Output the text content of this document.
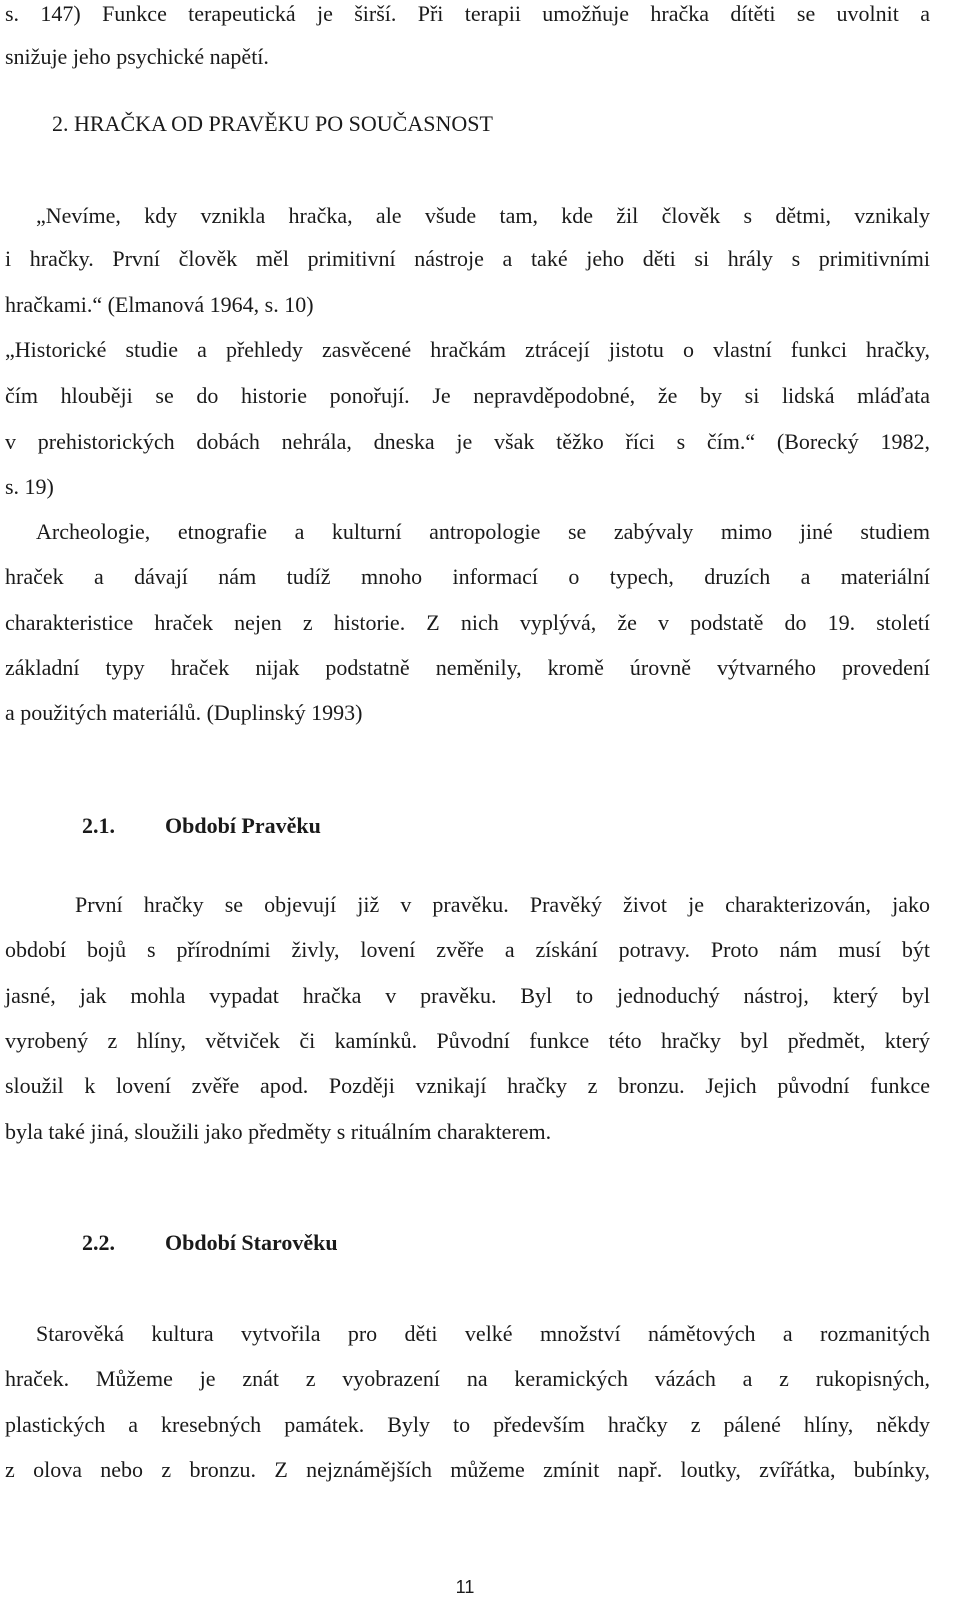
s. 147) Funkce terapeutická je širší. Při terapii umožňuje hračka dítěti se uvolnit a
snižuje jeho psychické napětí.
2. HRAČKA OD PRAVĚKU PO SOUČASNOST
„Nevíme, kdy vznikla hračka, ale všude tam, kde žil člověk s dětmi, vznikaly
i hračky. První člověk měl primitivní nástroje a také jeho děti si hrály s primitivními
hračkami.“ (Elmanová 1964, s. 10)
„Historické studie a přehledy zasvěcené hračkám ztrácejí jistotu o vlastní funkci hračky,
čím hlouběji se do historie ponořují. Je nepravděpodobné, že by si lidská mláďata
v prehistorických dobách nehrála, dneska je však těžko říci s čím.“ (Borecký 1982,
s. 19)
Archeologie, etnografie a kulturní antropologie se zabývaly mimo jiné studiem
hraček a dávají nám tudíž mnoho informací o typech, druzích a materiální
charakteristice hraček nejen z historie. Z nich vyplývá, že v podstatě do 19. století
základní typy hraček nijak podstatně neměnily, kromě úrovně výtvarného provedení
a použitých materiálů. (Duplinský 1993)
2.1. Období Pravěku
První hračky se objevují již v pravěku. Pravěký život je charakterizován, jako
období bojů s přírodními živly, lovení zvěře a získání potravy. Proto nám musí být
jasné, jak mohla vypadat hračka v pravěku. Byl to jednoduchý nástroj, který byl
vyrobený z hlíny, větviček či kamínků. Původní funkce této hračky byl předmět, který
sloužil k lovení zvěře apod. Později vznikají hračky z bronzu. Jejich původní funkce
byla také jiná, sloužili jako předměty s rituálním charakterem.
2.2. Období Starověku
Starověká kultura vytvořila pro děti velké množství námětových a rozmanitých
hraček. Můžeme je znát z vyobrazení na keramických vázách a z rukopisných,
plastických a kresebných památek. Byly to především hračky z pálené hlíny, někdy
z olova nebo z bronzu. Z nejznámějších můžeme zmínit např. loutky, zvířátka, bubínky,
11
